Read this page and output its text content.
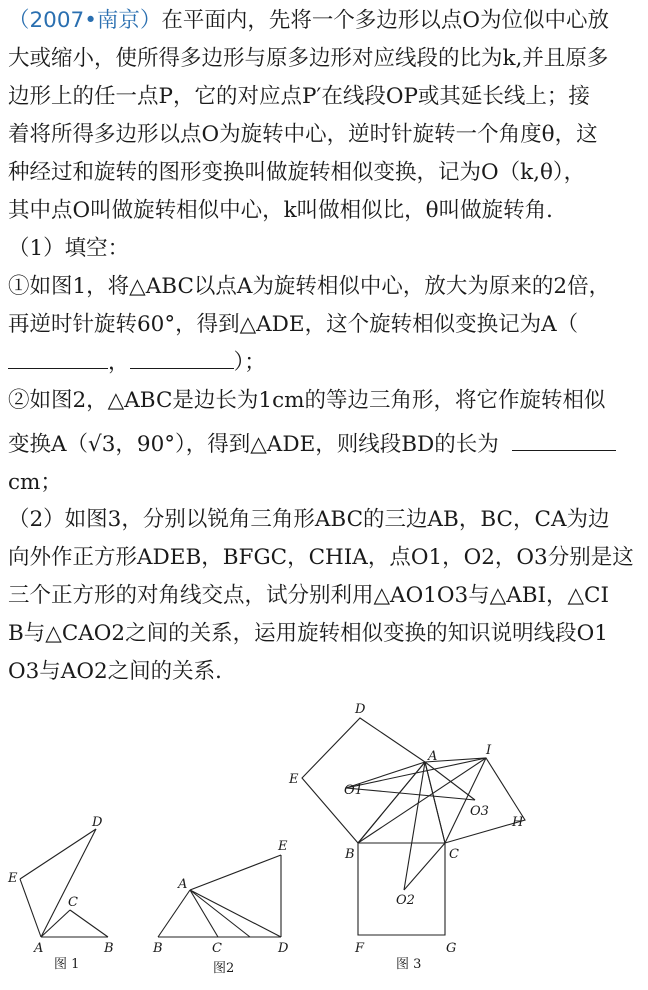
（2007•南京）在平面内，先将一个多边形以点O为位似中心放
大或缩小，使所得多边形与原多边形对应线段的比为k,并且原多
边形上的任一点P，它的对应点P′在线段OP或其延长线上；接
着将所得多边形以点O为旋转中心，逆时针旋转一个角度θ，这
种经过和旋转的图形变换叫做旋转相似变换，记为O（k,θ），
其中点O叫做旋转相似中心，k叫做相似比，θ叫做旋转角．
（1）填空：
①如图1，将△ABC以点A为旋转相似中心，放大为原来的2倍，
再逆时针旋转60°，得到△ADE，这个旋转相似变换记为A（
，	）；
②如图2，△ABC是边长为1cm的等边三角形，将它作旋转相似
变换A（√3，90°），得到△ADE，则线段BD的长为
cm；
（2）如图3，分别以锐角三角形ABC的三边AB，BC，CA为边
向外作正方形ADEB，BFGC，CHIA，点O1，O2，O3分别是这
三个正方形的对角线交点，试分别利用△AO1O3与△ABI，△CI
B与△CAO2之间的关系，运用旋转相似变换的知识说明线段O1
O3与AO2之间的关系．
A	B
C
D
E
图 1
A
B	C	D
E
图2
A
B	C
D
E
F	G
H
I
O1
O2
O3
图 3
